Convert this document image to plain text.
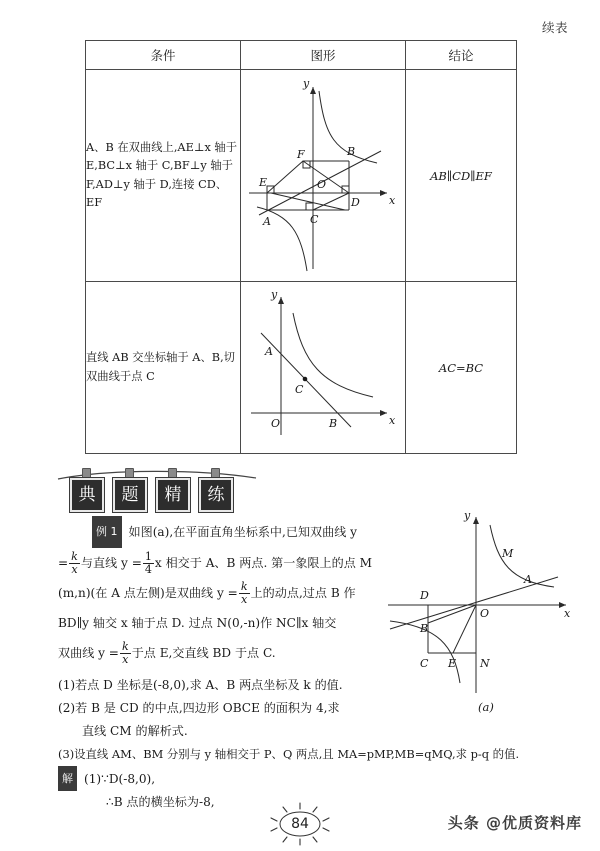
续表
条件	图形	结论
A、B 在双曲线上,AE⊥x 轴于 E,BC⊥x 轴于 C,BF⊥y 轴于 F,AD⊥y 轴于 D,连接 CD、EF	x
y
O
A
B
C
D
E
F
	AB∥CD∥EF
直线 AB 交坐标轴于 A、B,切双曲线于点 C	
A
C
B
O	x
y
	AC=BC
典	题	精	练
例 1 如图(a),在平面直角坐标系中,已知双曲线 y
= $\frac{k}{x}$ 与直线 $y = \frac{1}{4}$ x 相交于 A、B 两点. 第一象限上的点 M
(m,n)(在 A 点左侧)是双曲线 $y = \frac{k}{x}$ 上的动点,过点 B 作
BD∥y 轴交 x 轴于点 D. 过点 N(0,-n)作 NC∥x 轴交
双曲线 $y = \frac{k}{x}$ 于点 E,交直线 BD 于点 C.
(1)若点 D 坐标是(-8,0),求 A、B 两点坐标及 k 的值.
(2)若 B 是 CD 的中点,四边形 OBCE 的面积为 4,求
直线 CM 的解析式.
(3)设直线 AM、BM 分别与 y 轴相交于 P、Q 两点,且 MA=pMP,MB=qMQ,求 p-q 的值.
解 (1)∵D(-8,0),
∴B 点的横坐标为-8,
x
y
O
D
B
C E N
A
M
(a)
84	头条 @优质资料库
